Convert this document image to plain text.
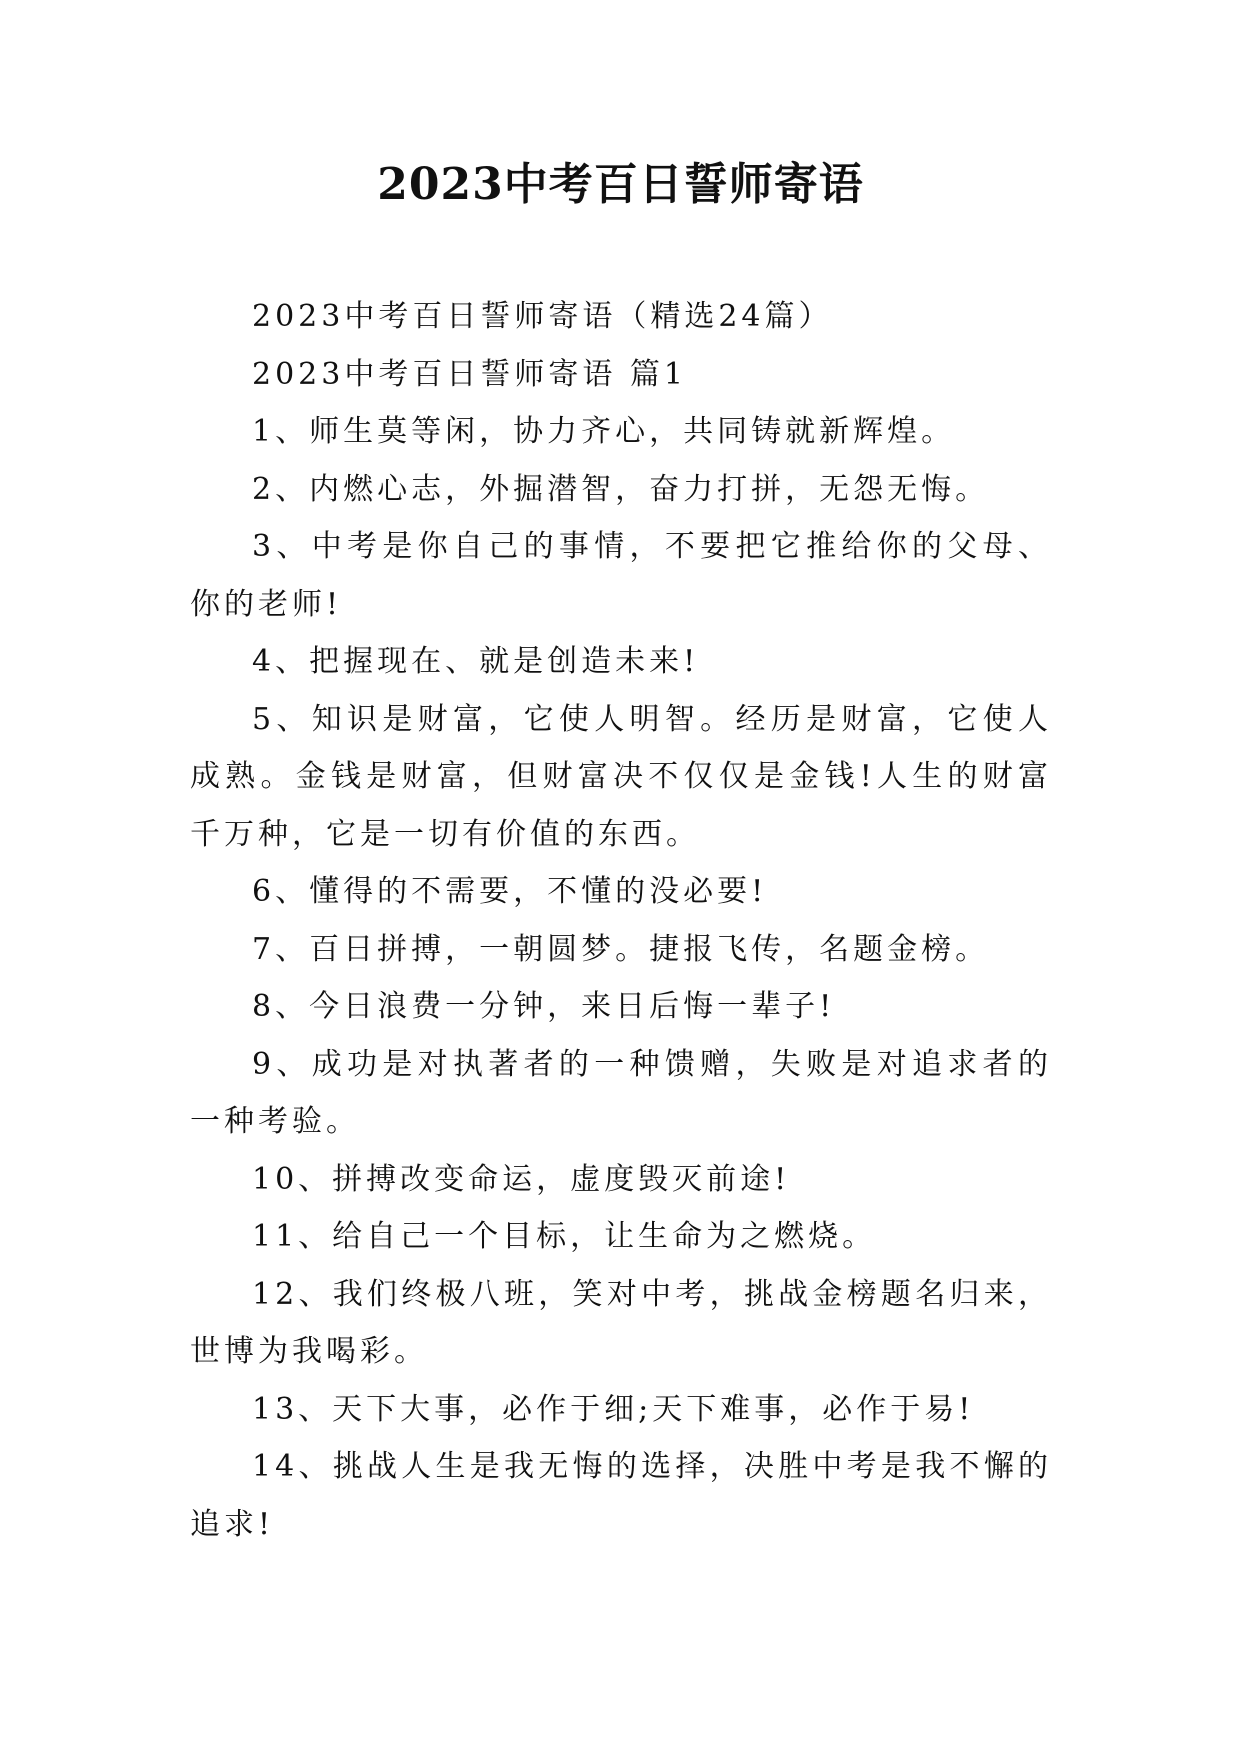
2023中考百日誓师寄语

2023中考百日誓师寄语（精选24篇）

2023中考百日誓师寄语 篇1

1、师生莫等闲，协力齐心，共同铸就新辉煌。

2、内燃心志，外掘潜智，奋力打拼，无怨无悔。

3、中考是你自己的事情，不要把它推给你的父母、你的老师!

4、把握现在、就是创造未来!

5、知识是财富，它使人明智。经历是财富，它使人成熟。金钱是财富，但财富决不仅仅是金钱!人生的财富千万种，它是一切有价值的东西。

6、懂得的不需要，不懂的没必要!

7、百日拼搏，一朝圆梦。捷报飞传，名题金榜。

8、今日浪费一分钟，来日后悔一辈子!

9、成功是对执著者的一种馈赠，失败是对追求者的一种考验。

10、拼搏改变命运，虚度毁灭前途!

11、给自己一个目标，让生命为之燃烧。

12、我们终极八班，笑对中考，挑战金榜题名归来，世博为我喝彩。

13、天下大事，必作于细;天下难事，必作于易!

14、挑战人生是我无悔的选择，决胜中考是我不懈的追求!
